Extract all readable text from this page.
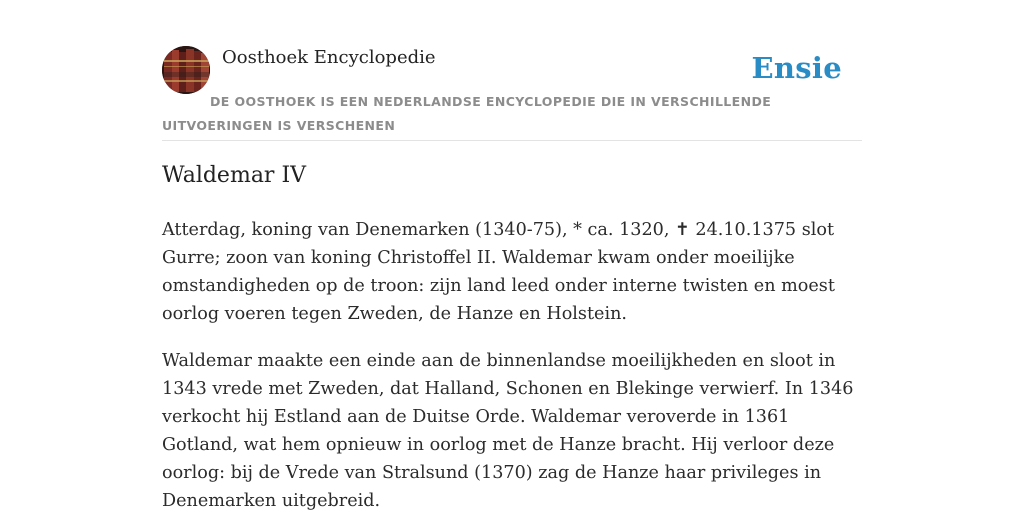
Oosthoek Encyclopedie	Ensie
DE OOSTHOEK IS EEN NEDERLANDSE ENCYCLOPEDIE DIE IN VERSCHILLENDE UITVOERINGEN IS VERSCHENEN
Waldemar IV

Atterdag, koning van Denemarken (1340-75), * ca. 1320, ✝ 24.10.1375 slot Gurre; zoon van koning Christoffel II. Waldemar kwam onder moeilijke omstandigheden op de troon: zijn land leed onder interne twisten en moest oorlog voeren tegen Zweden, de Hanze en Holstein.

Waldemar maakte een einde aan de binnenlandse moeilijkheden en sloot in 1343 vrede met Zweden, dat Halland, Schonen en Blekinge verwierf. In 1346 verkocht hij Estland aan de Duitse Orde. Waldemar veroverde in 1361 Gotland, wat hem opnieuw in oorlog met de Hanze bracht. Hij verloor deze oorlog: bij de Vrede van Stralsund (1370) zag de Hanze haar privileges in Denemarken uitgebreid.
